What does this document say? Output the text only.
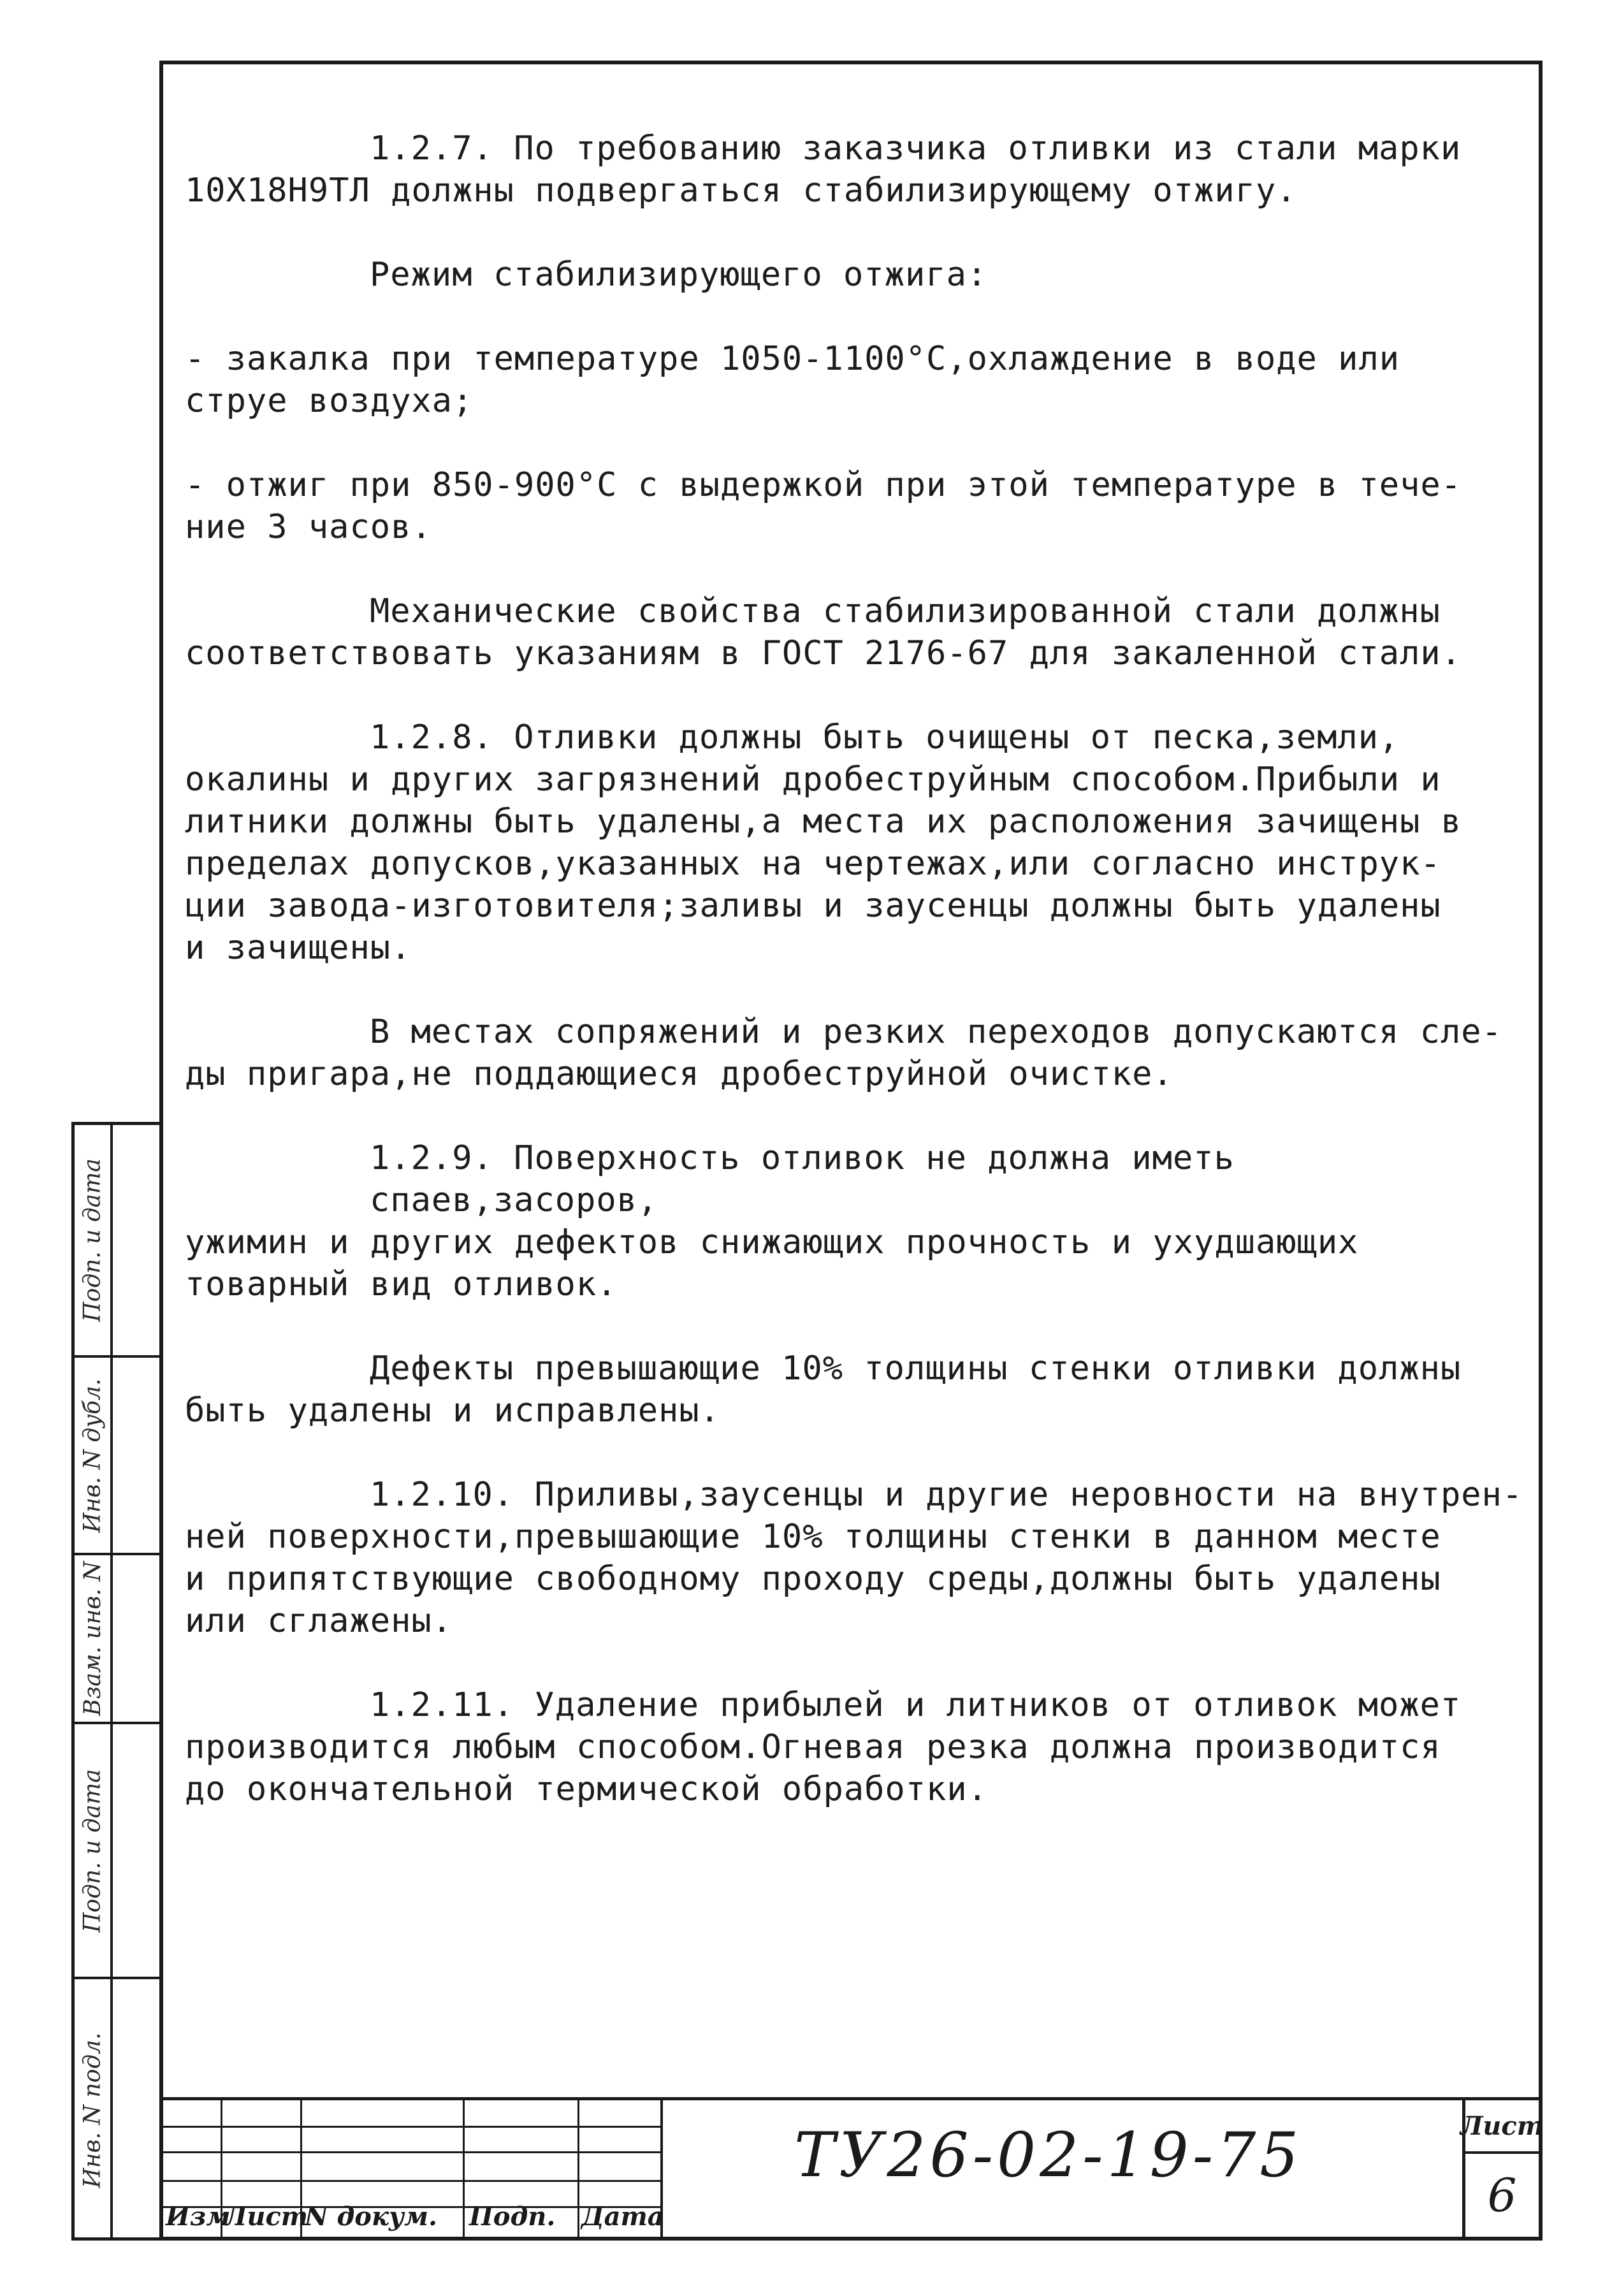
Подп. и дата
Инв. N дубл.
Взам. инв. N
Подп. и дата
Инв. N подл.

1.2.7. По требованию заказчика отливки из стали марки
10Х18Н9ТЛ должны подвергаться стабилизирующему отжигу.

Режим стабилизирующего отжига:

- закалка при температуре 1050-1100°С,охлаждение в воде или
струе воздуха;

- отжиг при 850-900°С с выдержкой при этой температуре в тече-
ние 3 часов.

Механические свойства стабилизированной стали должны
соответствовать указаниям в ГОСТ 2176-67 для закаленной стали.

1.2.8. Отливки должны быть очищены от песка,земли,
окалины и других загрязнений дробеструйным способом.Прибыли и
литники должны быть удалены,а места их расположения зачищены в
пределах допусков,указанных на чертежах,или согласно инструк-
ции завода-изготовителя;заливы и заусенцы должны быть удалены
и зачищены.

В местах сопряжений и резких переходов допускаются сле-
ды пригара,не поддающиеся дробеструйной очистке.

1.2.9. Поверхность отливок не должна иметь спаев,засоров,
ужимин и других дефектов снижающих прочность и ухудшающих
товарный вид отливок.

Дефекты превышающие 10% толщины стенки отливки должны
быть удалены и исправлены.

1.2.10. Приливы,заусенцы и другие неровности на внутрен-
ней поверхности,превышающие 10% толщины стенки в данном месте
и припятствующие свободному проходу среды,должны быть удалены
или сглажены.

1.2.11. Удаление прибылей и литников от отливок может
производится любым способом.Огневая резка должна производится
до окончательной термической обработки.

Изм
Лист
N докум. Подп. Дата
ТУ26-02-19-75	Лист
6
